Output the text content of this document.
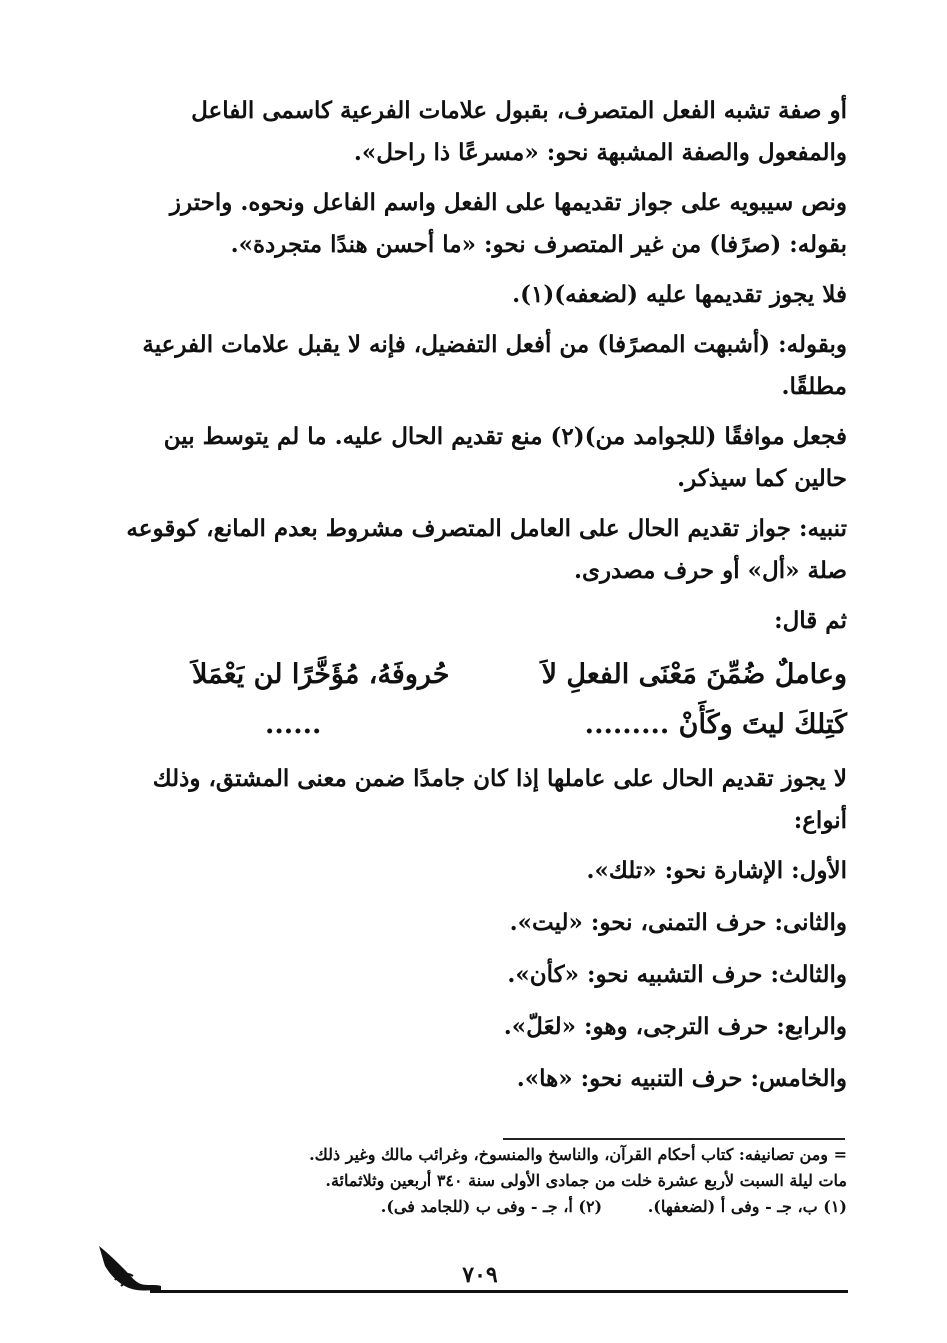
أو صفة تشبه الفعل المتصرف، بقبول علامات الفرعية كاسمى الفاعل
والمفعول والصفة المشبهة نحو: «مسرعًا ذا راحل».
ونص سيبويه على جواز تقديمها على الفعل واسم الفاعل ونحوه. واحترز
بقوله: (صرًفا) من غير المتصرف نحو: «ما أحسن هندًا متجردة».
فلا يجوز تقديمها عليه (لضعفه)(١).
وبقوله: (أشبهت المصرًفا) من أفعل التفضيل، فإنه لا يقبل علامات الفرعية
مطلقًا.
فجعل موافقًا (للجوامد من)(٢) منع تقديم الحال عليه. ما لم يتوسط بين
حالين كما سيذكر.
تنبيه: جواز تقديم الحال على العامل المتصرف مشروط بعدم المانع، كوقوعه
صلة «أل» أو حرف مصدرى.
ثم قال:
وعاملٌ ضُمِّنَ مَعْنَى الفعلِ لاَ
حُروفَهُ، مُؤَخَّرًا لن يَعْمَلاَ
كَتِلكَ ليتَ وكَأَنْ .........
......
لا يجوز تقديم الحال على عاملها إذا كان جامدًا ضمن معنى المشتق، وذلك
أنواع:
الأول: الإشارة نحو: «تلك».
والثانى: حرف التمنى، نحو: «ليت».
والثالث: حرف التشبيه نحو: «كأن».
والرابع: حرف الترجى، وهو: «لعَلّ».
والخامس: حرف التنبيه نحو: «ها».
= ومن تصانيفه: كتاب أحكام القرآن، والناسخ والمنسوخ، وغرائب مالك وغير ذلك.
مات ليلة السبت لأربع عشرة خلت من جمادى الأولى سنة ٣٤٠ أربعين وثلاثمائة.
(١) ب، جـ - وفى أ (لضعفها). (٢) أ، جـ - وفى ب (للجامد فى).
٧٠٩
